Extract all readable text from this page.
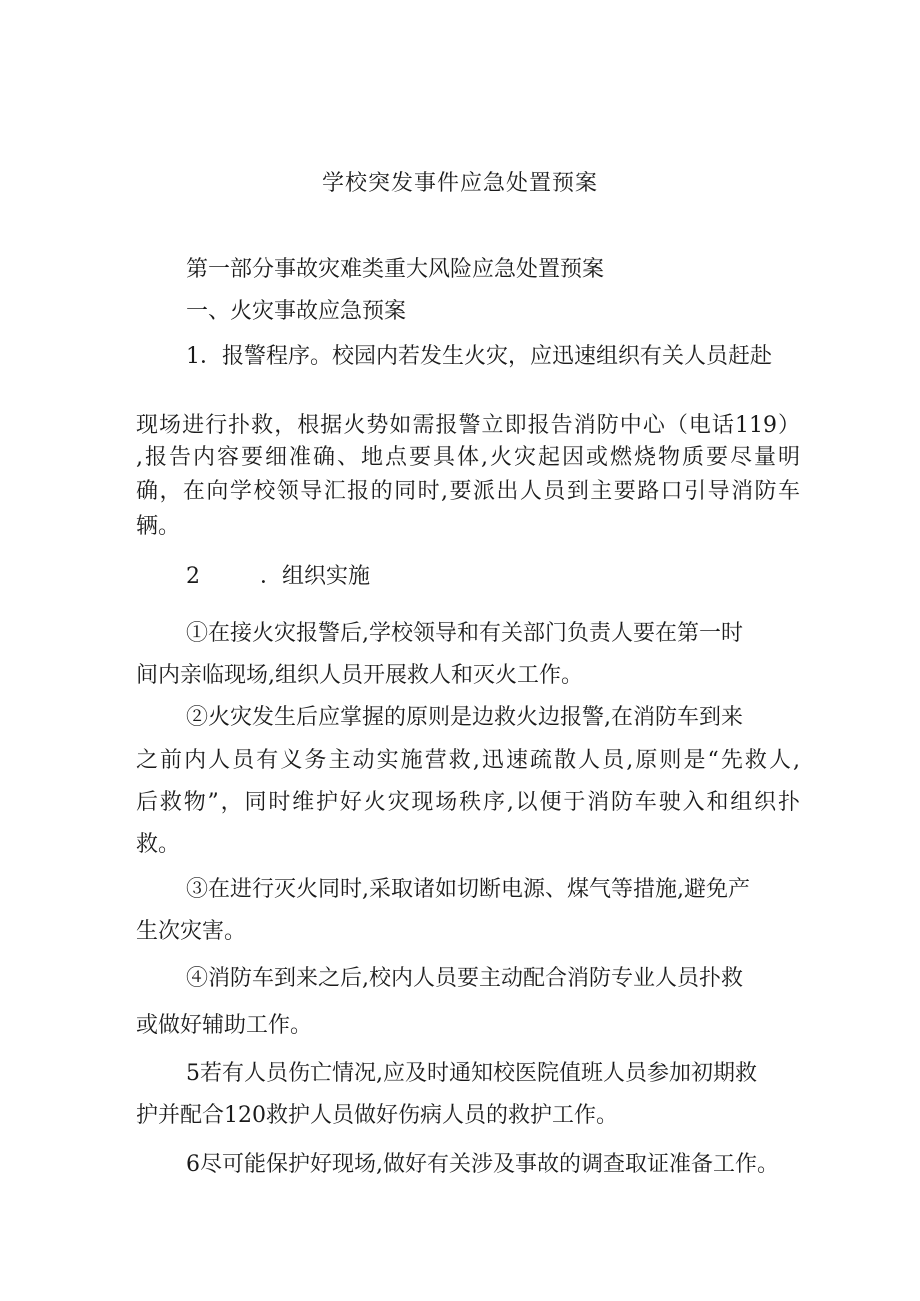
学校突发事件应急处置预案

第一部分事故灾难类重大风险应急处置预案

一、火灾事故应急预案

1．报警程序。校园内若发生火灾，应迅速组织有关人员赶赴

现场进行扑救，根据火势如需报警立即报告消防中心（电话119）

,报告内容要细准确、地点要具体,火灾起因或燃烧物质要尽量明

确，在向学校领导汇报的同时,要派出人员到主要路口引导消防车

辆。

2	．组织实施

①在接火灾报警后,学校领导和有关部门负责人要在第一时

间内亲临现场,组织人员开展救人和灭火工作。

②火灾发生后应掌握的原则是边救火边报警,在消防车到来

之前内人员有义务主动实施营救,迅速疏散人员,原则是“先救人,

后救物”，同时维护好火灾现场秩序,以便于消防车驶入和组织扑

救。

③在进行灭火同时,采取诸如切断电源、煤气等措施,避免产

生次灾害。

④消防车到来之后,校内人员要主动配合消防专业人员扑救

或做好辅助工作。

5若有人员伤亡情况,应及时通知校医院值班人员参加初期救

护并配合120救护人员做好伤病人员的救护工作。

6尽可能保护好现场,做好有关涉及事故的调查取证准备工作。
